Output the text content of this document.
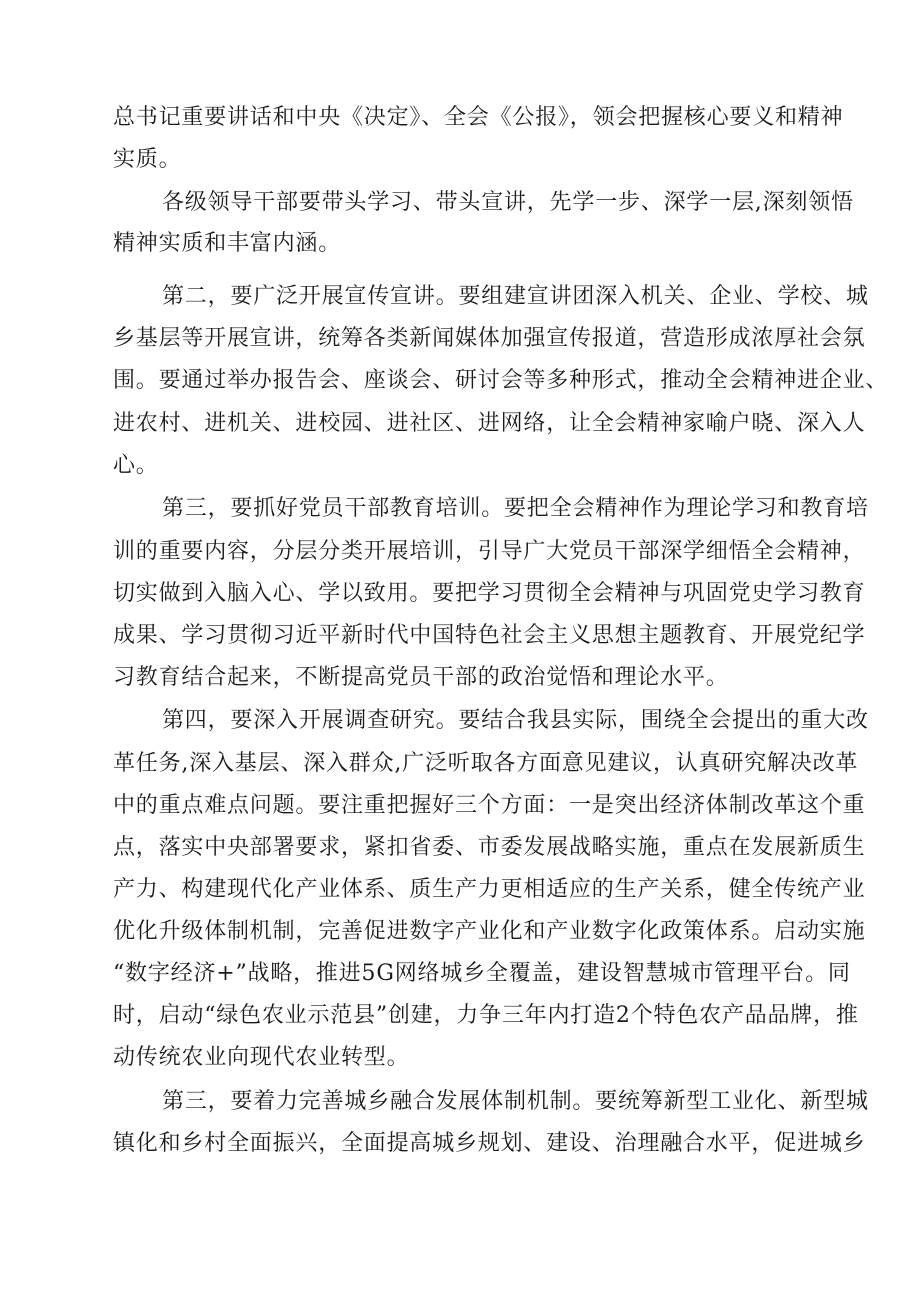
总书记重要讲话和中央《决定》、全会《公报》，领会把握核心要义和精神

实质。

各级领导干部要带头学习、带头宣讲，先学一步、深学一层,深刻领悟

精神实质和丰富内涵。

第二，要广泛开展宣传宣讲。要组建宣讲团深入机关、企业、学校、城

乡基层等开展宣讲，统筹各类新闻媒体加强宣传报道，营造形成浓厚社会氛

围。要通过举办报告会、座谈会、研讨会等多种形式，推动全会精神进企业、

进农村、进机关、进校园、进社区、进网络，让全会精神家喻户晓、深入人

心。

第三，要抓好党员干部教育培训。要把全会精神作为理论学习和教育培

训的重要内容，分层分类开展培训，引导广大党员干部深学细悟全会精神，

切实做到入脑入心、学以致用。要把学习贯彻全会精神与巩固党史学习教育

成果、学习贯彻习近平新时代中国特色社会主义思想主题教育、开展党纪学

习教育结合起来，不断提高党员干部的政治觉悟和理论水平。

第四，要深入开展调查研究。要结合我县实际，围绕全会提出的重大改

革任务,深入基层、深入群众,广泛听取各方面意见建议，认真研究解决改革

中的重点难点问题。要注重把握好三个方面：一是突出经济体制改革这个重

点，落实中央部署要求，紧扣省委、市委发展战略实施，重点在发展新质生

产力、构建现代化产业体系、质生产力更相适应的生产关系，健全传统产业

优化升级体制机制，完善促进数字产业化和产业数字化政策体系。启动实施

“数字经济+”战略，推进5G网络城乡全覆盖，建设智慧城市管理平台。同

时，启动“绿色农业示范县”创建，力争三年内打造2个特色农产品品牌，推

动传统农业向现代农业转型。

第三，要着力完善城乡融合发展体制机制。要统筹新型工业化、新型城

镇化和乡村全面振兴，全面提高城乡规划、建设、治理融合水平，促进城乡
